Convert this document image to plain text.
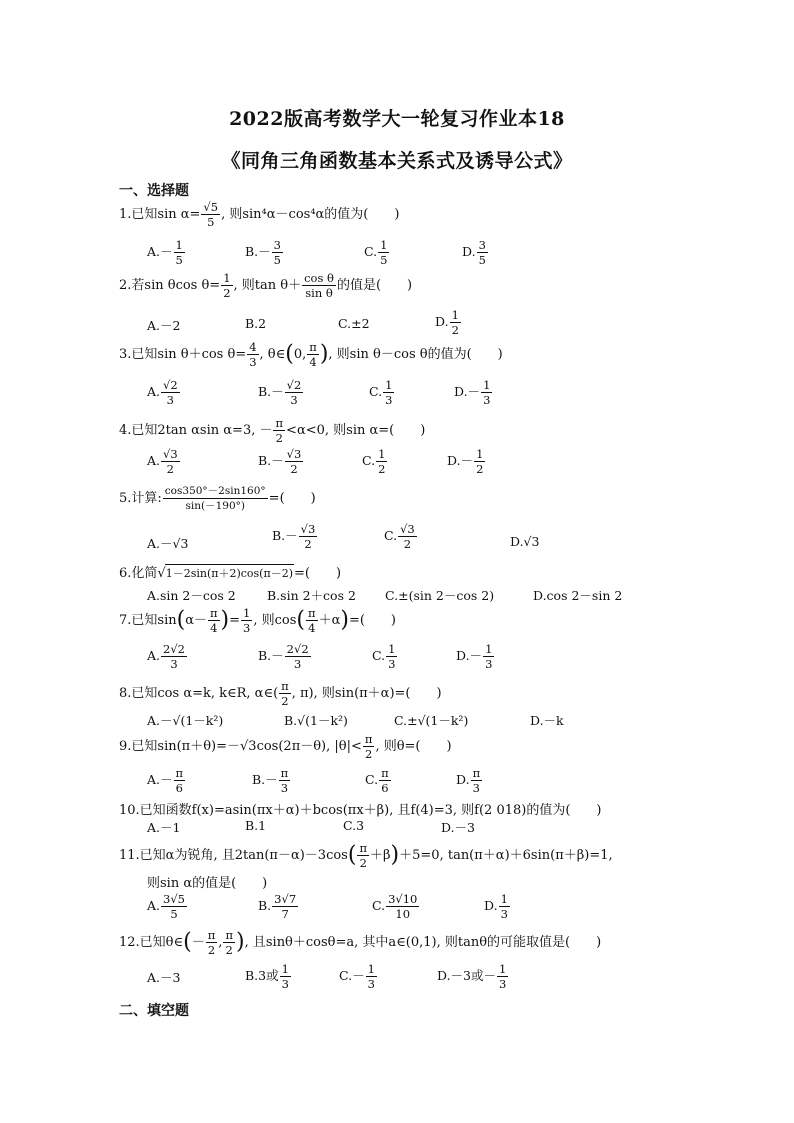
2022版高考数学大一轮复习作业本18
《同角三角函数基本关系式及诱导公式》
一、选择题
1.已知$\sin \alpha= \frac{√5}{5}$ , 则sin⁴α－cos⁴α的值为(　　)
$A.- \frac{1}{5}$	$B.- \frac{3}{5}$	C. $\frac{1}{5}$	D. $\frac{3}{5}$
2.若sin θcos $\theta= \frac{1}{2}$ , 则$\tan \theta+ \frac{\text{cos θ}}{\text{sin θ}}$ 的值是(　　)
A.－2	B.2	C.±2	D. $\frac{1}{2}$
3.已知sin θ＋cos $\theta= \frac{4}{3}$ , θ∈(0, $\frac{\pi}{4}$ ), 则sin θ－cos θ的值为(　　)
A. $\frac{√2}{3}$	$B.- \frac{√2}{3}$	C. $\frac{1}{3}$	$D.- \frac{1}{3}$
4.已知2tan αsin α=3, － $\frac{\pi}{2} <\alpha<0$, 则sin α=(　　)
A. $\frac{√3}{2}$	$B.- \frac{√3}{2}$	C. $\frac{1}{2}$	$D.- \frac{1}{2}$
5.计算: $\frac{\cos 350^\circ-2\sin 160^\circ}{\sin(-190^\circ)}$ =(　　)
A.－√3
$B.- \frac{√3}{2}$	C. $\frac{√3}{2}$	D.√3
6.化简√1－2sin(π＋2)cos(π－2)=(　　)
A.sin 2－cos 2 B.sin 2＋cos 2 C.±(sin 2－cos 2)	D.cos 2－sin 2
7.已知$\sin(\alpha- \frac{\pi}{4}$ )= $\frac{1}{3}$ , 则$\cos( \frac{\pi}{4} +\alpha)=$(　　)
A. $\frac{2√2}{3}$	$B.- \frac{2√2}{3}$	C. $\frac{1}{3}$	$D.- \frac{1}{3}$
8.已知cos α=k, k∈R, α∈( $\frac{\pi}{2}$ , π), 则sin(π＋α)=(　　)
A.－√(1－k²)	B.√(1－k²)	C.±√(1－k²)	D.－k
9.已知sin(π＋θ)=－√3cos(2π－θ), $|\theta|< \frac{\pi}{2}$ , 则θ=(　　)
$A.- \frac{\pi}{6}$	$B.- \frac{\pi}{3}$	C. $\frac{\pi}{6}$	D. $\frac{\pi}{3}$
10.已知函数f(x)=asin(πx＋α)＋bcos(πx＋β), 且f(4)=3, 则f(2 018)的值为(　　)
A.－1	B.1	C.3	D.－3
11.已知α为锐角, 且$2\tan(\pi-\alpha)-3\cos( \frac{\pi}{2} +\beta)+5=0$, tan(π＋α)＋6sin(π＋β)=1,
则sin α的值是(　　)
A. $\frac{3√5}{5}$	B. $\frac{3√7}{7}$	C. $\frac{3√10}{10}$	D. $\frac{1}{3}$
12.已知θ∈(－ $\frac{\pi}{2}$ , $\frac{\pi}{2}$ ), 且sinθ＋cosθ=a, 其中a∈(0,1), 则tanθ的可能取值是(　　)
A.－3	B.3或 $\frac{1}{3}$	$C.- \frac{1}{3}$	D.－3或－ $\frac{1}{3}$
二、填空题
